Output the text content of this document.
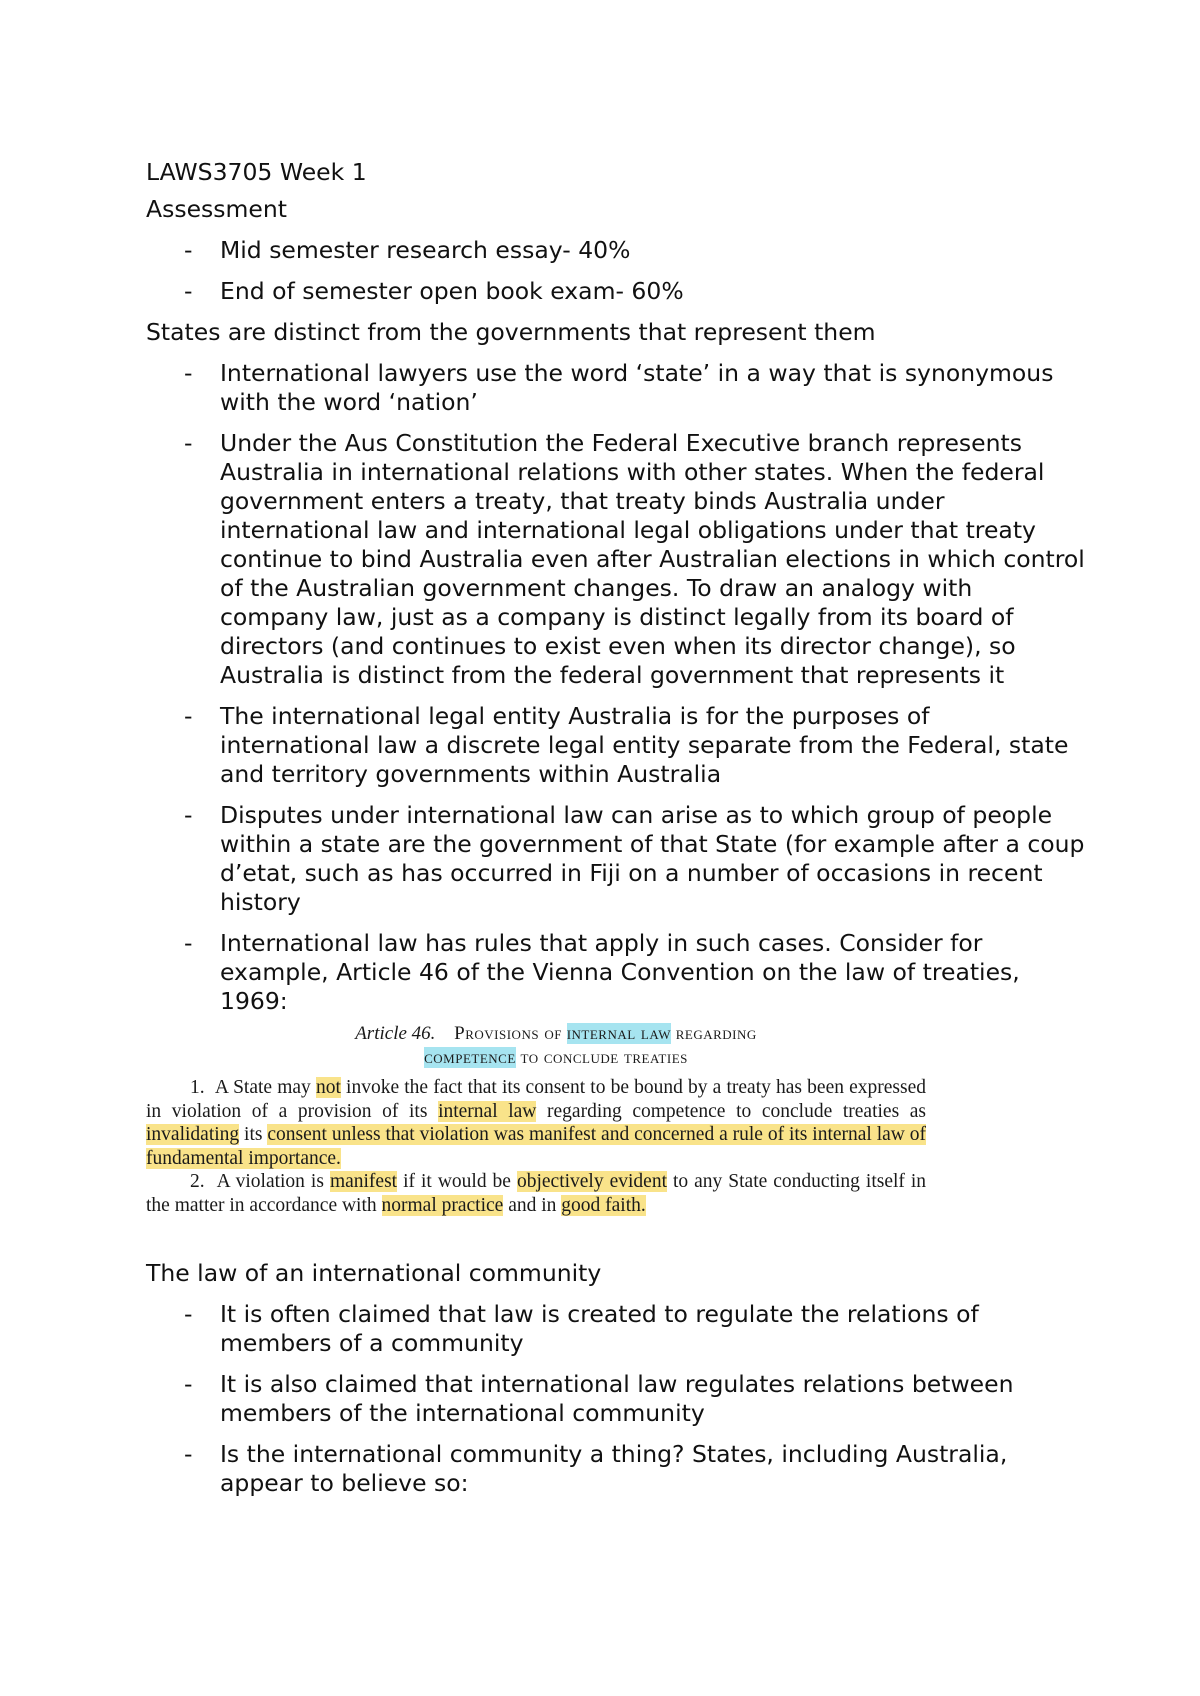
LAWS3705 Week 1

Assessment

- Mid semester research essay- 40%
- End of semester open book exam- 60%

States are distinct from the governments that represent them

- International lawyers use the word ‘state’ in a way that is synonymous with the word ‘nation’
- Under the Aus Constitution the Federal Executive branch represents Australia in international relations with other states. When the federal government enters a treaty, that treaty binds Australia under international law and international legal obligations under that treaty continue to bind Australia even after Australian elections in which control of the Australian government changes. To draw an analogy with company law, just as a company is distinct legally from its board of directors (and continues to exist even when its director change), so Australia is distinct from the federal government that represents it
- The international legal entity Australia is for the purposes of international law a discrete legal entity separate from the Federal, state and territory governments within Australia
- Disputes under international law can arise as to which group of people within a state are the government of that State (for example after a coup d’etat, such as has occurred in Fiji on a number of occasions in recent history
- International law has rules that apply in such cases. Consider for example, Article 46 of the Vienna Convention on the law of treaties, 1969:
Article 46. Provisions of internal law regarding
competence to conclude treaties

1. A State may not invoke the fact that its consent to be bound by a treaty has been expressed in violation of a provision of its internal law regarding competence to conclude treaties as invalidating its consent unless that violation was manifest and concerned a rule of its internal law of fundamental importance.

2. A violation is manifest if it would be objectively evident to any State conducting itself in the matter in accordance with normal practice and in good faith.

The law of an international community

- It is often claimed that law is created to regulate the relations of members of a community
- It is also claimed that international law regulates relations between members of the international community
- Is the international community a thing? States, including Australia, appear to believe so:
